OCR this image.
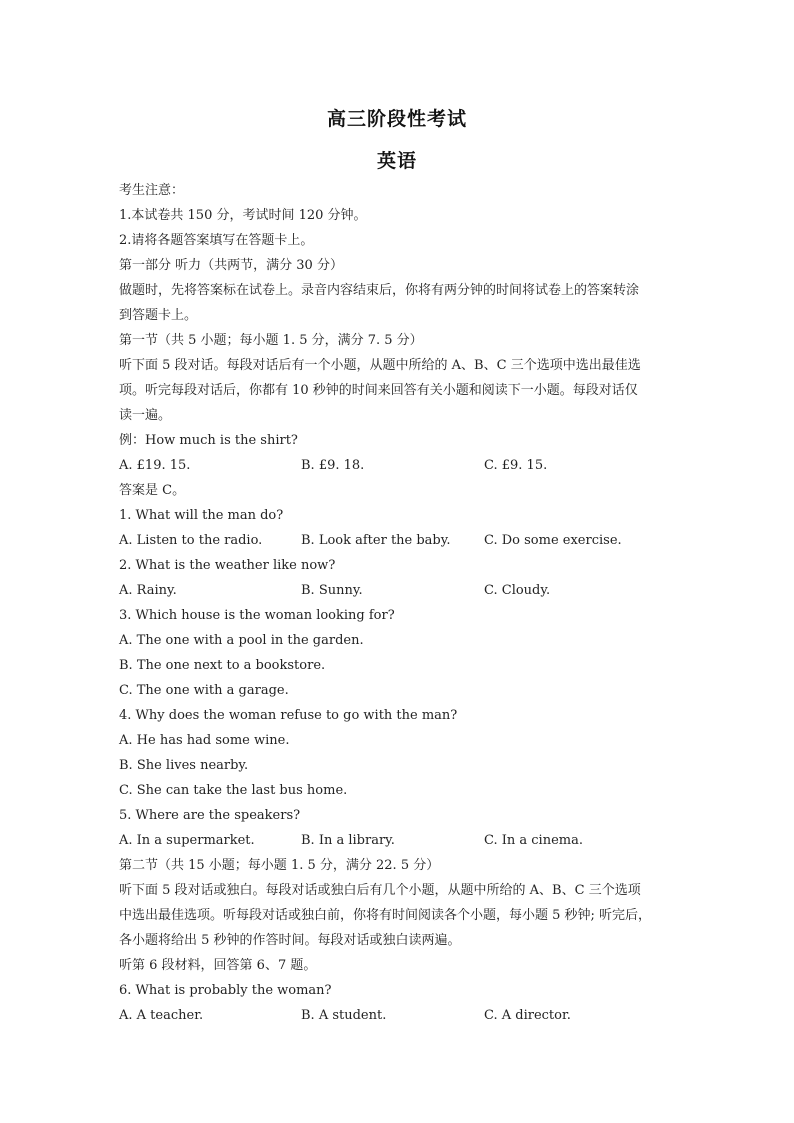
高三阶段性考试
英语
考生注意：
1.本试卷共 150 分，考试时间 120 分钟。
2.请将各题答案填写在答题卡上。
第一部分 听力（共两节，满分 30 分）
做题时，先将答案标在试卷上。录音内容结束后，你将有两分钟的时间将试卷上的答案转涂
到答题卡上。
第一节（共 5 小题；每小题 1. 5 分，满分 7. 5 分）
听下面 5 段对话。每段对话后有一个小题，从题中所给的 A、B、C 三个选项中选出最佳选
项。听完每段对话后，你都有 10 秒钟的时间来回答有关小题和阅读下一小题。每段对话仅
读一遍。
例：How much is the shirt?
A. £19. 15.	B. £9. 18.	C. £9. 15.
答案是 C。
1. What will the man do?
A. Listen to the radio.	B. Look after the baby.	C. Do some exercise.
2. What is the weather like now?
A. Rainy.	B. Sunny.	C. Cloudy.
3. Which house is the woman looking for?
A. The one with a pool in the garden.
B. The one next to a bookstore.
C. The one with a garage.
4. Why does the woman refuse to go with the man?
A. He has had some wine.
B. She lives nearby.
C. She can take the last bus home.
5. Where are the speakers?
A. In a supermarket.	B. In a library.	C. In a cinema.
第二节（共 15 小题；每小题 1. 5 分，满分 22. 5 分）
听下面 5 段对话或独白。每段对话或独白后有几个小题，从题中所给的 A、B、C 三个选项
中选出最佳选项。听每段对话或独白前，你将有时间阅读各个小题，每小题 5 秒钟; 听完后，
各小题将给出 5 秒钟的作答时间。每段对话或独白读两遍。
听第 6 段材料，回答第 6、7 题。
6. What is probably the woman?
A. A teacher.	B. A student.	C. A director.
